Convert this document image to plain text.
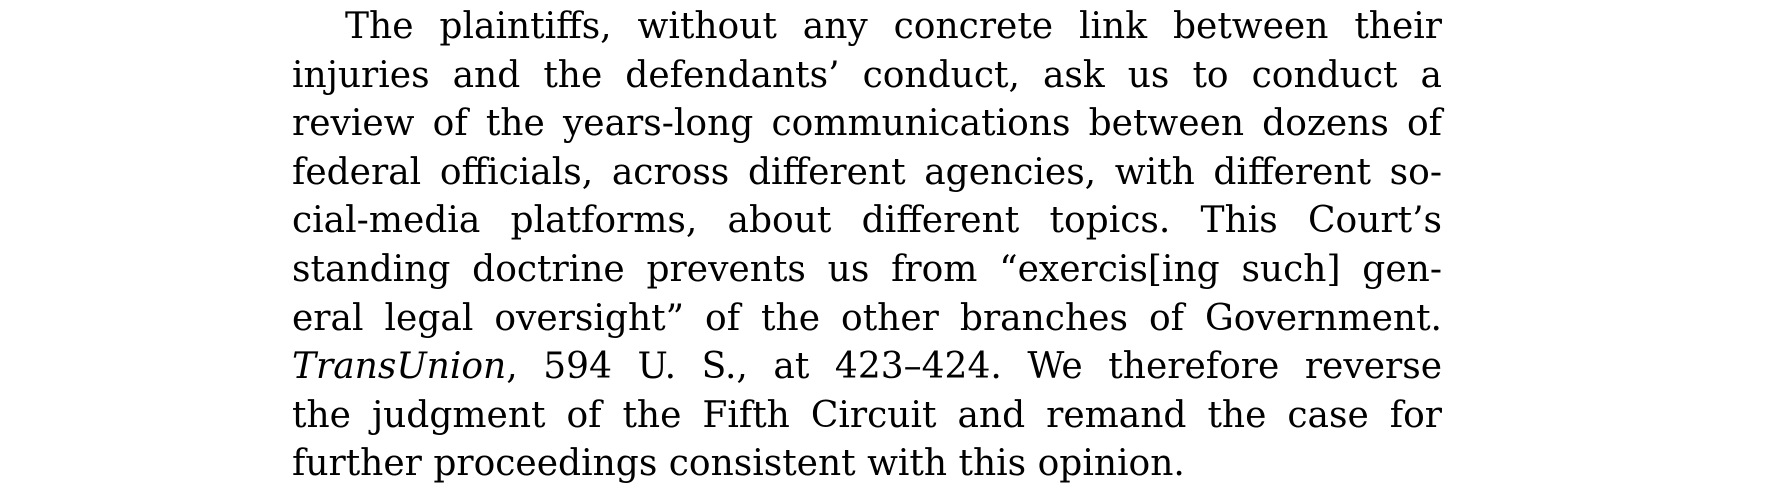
The plaintiffs, without any concrete link between their
injuries and the defendants’ conduct, ask us to conduct a
review of the years-long communications between dozens of
federal officials, across different agencies, with different so-
cial-media platforms, about different topics. This Court’s
standing doctrine prevents us from “exercis[ing such] gen-
eral legal oversight” of the other branches of Government.
TransUnion, 594 U. S., at 423–424. We therefore reverse
the judgment of the Fifth Circuit and remand the case for
further proceedings consistent with this opinion.
